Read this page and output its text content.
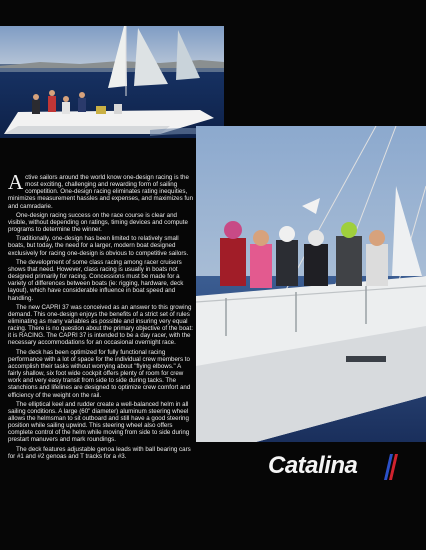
Active sailors around the world know one-design racing is the most exciting, challenging and rewarding form of sailing competition. One-design racing eliminates rating inequities, minimizes measurement hassles and expenses, and maximizes fun and camradarie.

One-design racing success on the race course is clear and visible, without depending on ratings, timing devices and compute programs to determine the winner.

Traditionally, one-design has been limited to relatively small boats, but today, the need for a larger, modern boat designed exclusively for racing one-design is obvious to competitive sailors.

The development of some class racing among racer cruisers shows that need. However, class racing is usually in boats not designed primarily for racing. Concessions must be made for a variety of differences between boats (ie: rigging, hardware, deck layout), which have considerable influence in boat speed and handling.

The new CAPRI 37 was conceived as an answer to this growing demand. This one-design enjoys the benefits of a strict set of rules eliminating as many variables as possible and insuring very equal racing. There is no question about the primary objective of the boat: it is RACING. The CAPRI 37 is intended to be a day racer, with the necessary accommodations for an occasional overnight race.

The deck has been optimized for fully functional racing performance with a lot of space for the individual crew members to accomplish their tasks without worrying about "flying elbows." A fairly shallow, six foot wide cockpit offers plenty of room for crew work and very easy transit from side to side during tacks. The stanchions and lifelines are designed to optimize crew comfort and efficiency of the weight on the rail.

The elliptical keel and rudder create a well-balanced helm in all sailing conditions. A large (60" diameter) aluminum steering wheel allows the helmsman to sit outboard and still have a good steering position while sailing upwind. This steering wheel also offers complete control of the helm while moving from side to side during prestart manuvers and mark roundings.

The deck features adjustable genoa leads with ball bearing cars for #1 and #2 genoas and T tracks for a #3.	Catalina
